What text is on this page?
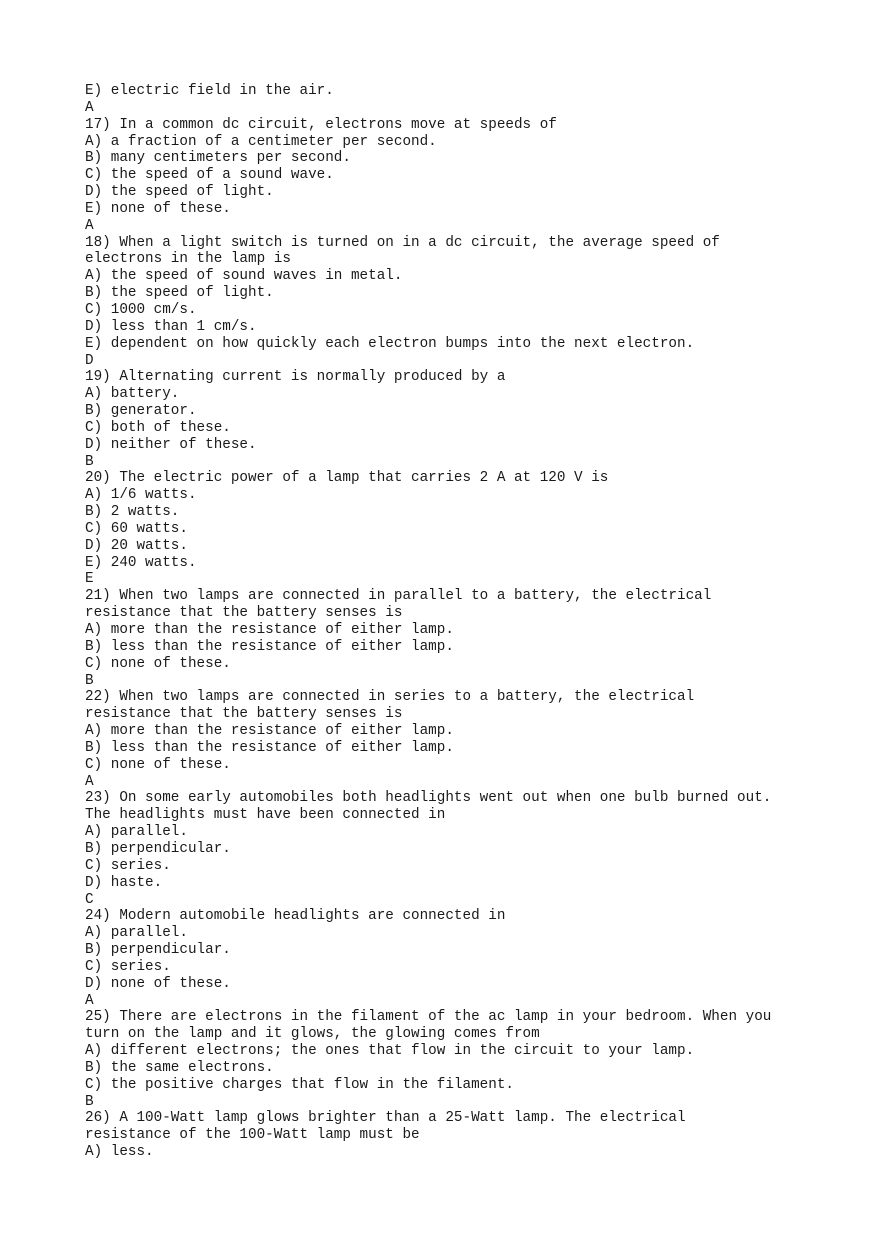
E) electric field in the air.
A
17) In a common dc circuit, electrons move at speeds of
A) a fraction of a centimeter per second.
B) many centimeters per second.
C) the speed of a sound wave.
D) the speed of light.
E) none of these.
A
18) When a light switch is turned on in a dc circuit, the average speed of
electrons in the lamp is
A) the speed of sound waves in metal.
B) the speed of light.
C) 1000 cm/s.
D) less than 1 cm/s.
E) dependent on how quickly each electron bumps into the next electron.
D
19) Alternating current is normally produced by a
A) battery.
B) generator.
C) both of these.
D) neither of these.
B
20) The electric power of a lamp that carries 2 A at 120 V is
A) 1/6 watts.
B) 2 watts.
C) 60 watts.
D) 20 watts.
E) 240 watts.
E
21) When two lamps are connected in parallel to a battery, the electrical
resistance that the battery senses is
A) more than the resistance of either lamp.
B) less than the resistance of either lamp.
C) none of these.
B
22) When two lamps are connected in series to a battery, the electrical
resistance that the battery senses is
A) more than the resistance of either lamp.
B) less than the resistance of either lamp.
C) none of these.
A
23) On some early automobiles both headlights went out when one bulb burned out.
The headlights must have been connected in
A) parallel.
B) perpendicular.
C) series.
D) haste.
C
24) Modern automobile headlights are connected in
A) parallel.
B) perpendicular.
C) series.
D) none of these.
A
25) There are electrons in the filament of the ac lamp in your bedroom. When you
turn on the lamp and it glows, the glowing comes from
A) different electrons; the ones that flow in the circuit to your lamp.
B) the same electrons.
C) the positive charges that flow in the filament.
B
26) A 100-Watt lamp glows brighter than a 25-Watt lamp. The electrical
resistance of the 100-Watt lamp must be
A) less.
